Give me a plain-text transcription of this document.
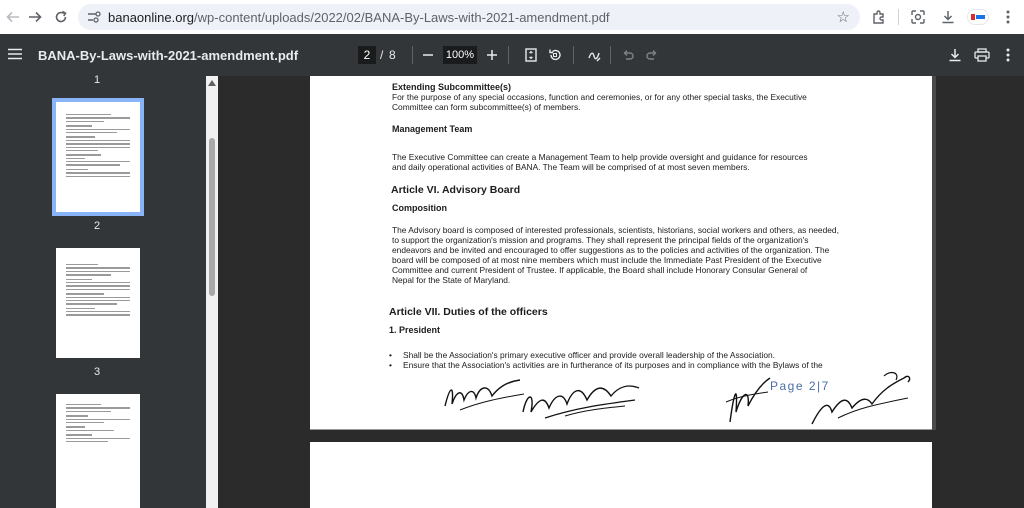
banaonline.org/wp-content/uploads/2022/02/BANA-By-Laws-with-2021-amendment.pdf	☆
BANA-By-Laws-with-2021-amendment.pdf	2 / 8	100%
1
2
3
Extending Subcommittee(s)
For the purpose of any special occasions, function and ceremonies, or for any other special tasks, the Executive
Committee can form subcommittee(s) of members.
Management Team
The Executive Committee can create a Management Team to help provide oversight and guidance for resources
and daily operational activities of BANA. The Team will be comprised of at most seven members.
Article VI. Advisory Board
Composition
The Advisory board is composed of interested professionals, scientists, historians, social workers and others, as needed,
to support the organization's mission and programs. They shall represent the principal fields of the organization's
endeavors and be invited and encouraged to offer suggestions as to the policies and activities of the organization. The
board will be composed of at most nine members which must include the Immediate Past President of the Executive
Committee and current President of Trustee. If applicable, the Board shall include Honorary Consular General of
Nepal for the State of Maryland.
Article VII. Duties of the officers
1. President
•	Shall be the Association's primary executive officer and provide overall leadership of the Association.
•	Ensure that the Association's activities are in furtherance of its purposes and in compliance with the Bylaws of the
Page 2|7
